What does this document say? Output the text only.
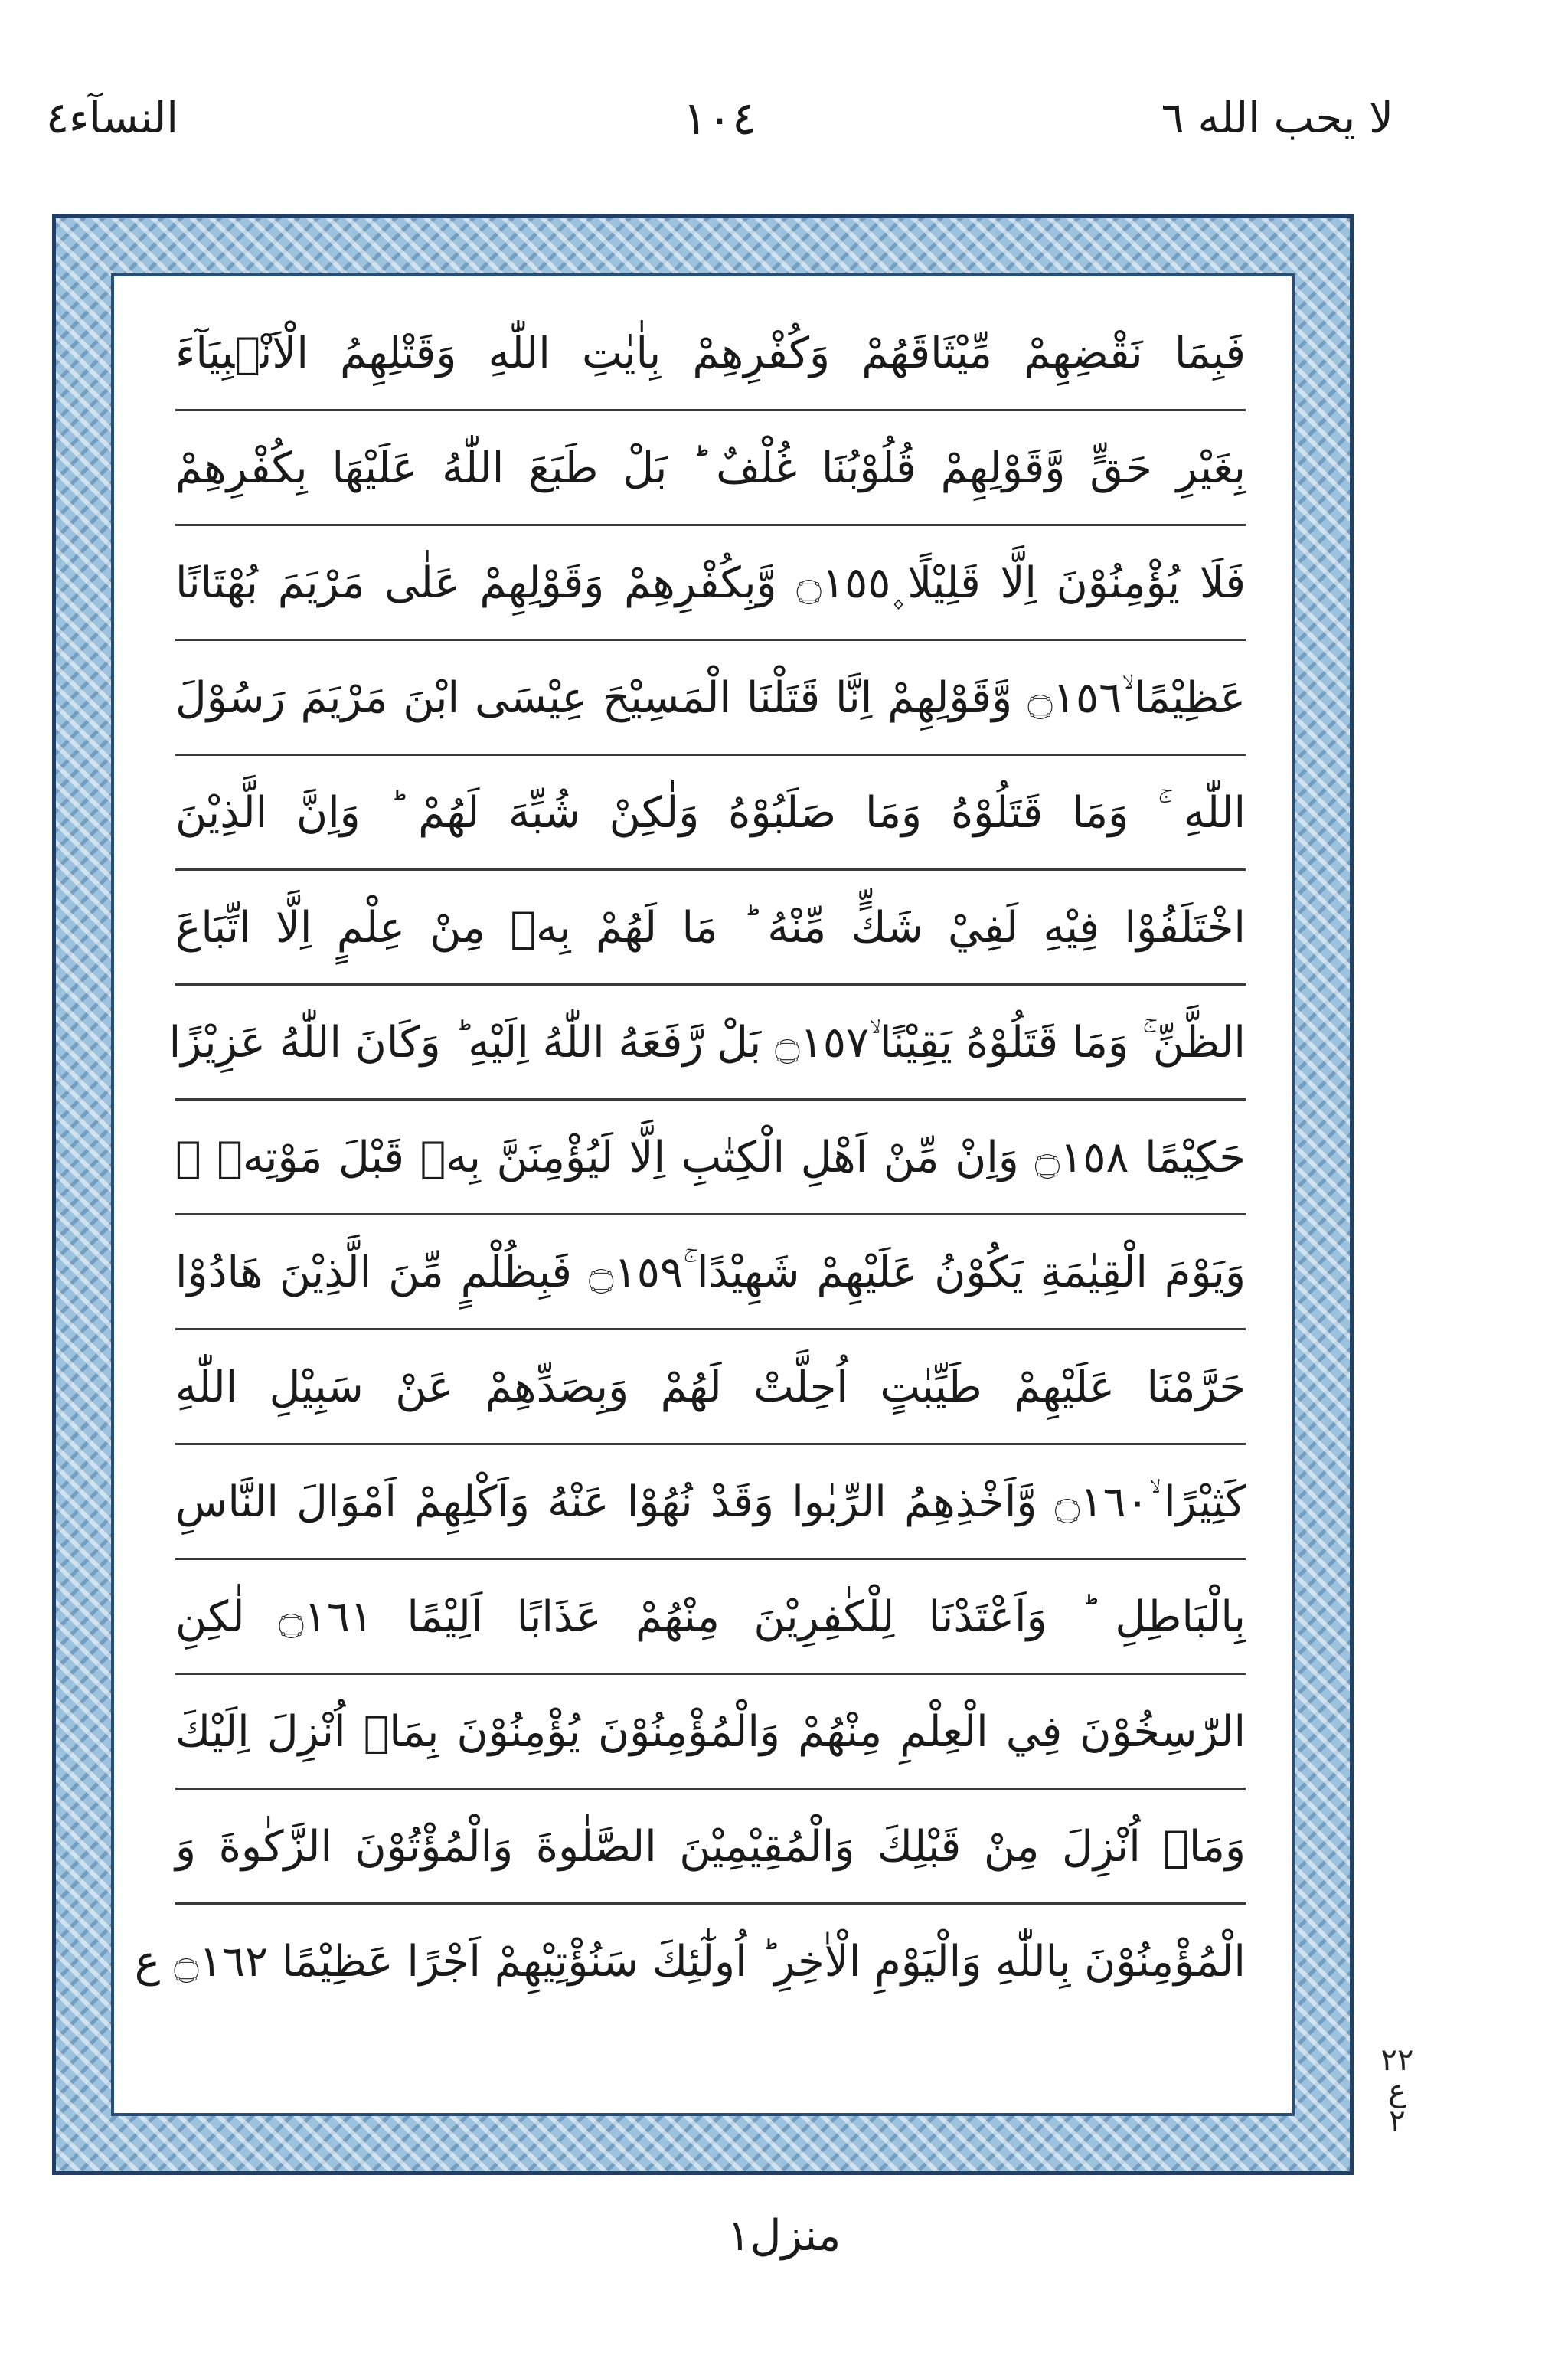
النسآء٤	١٠٤	لا يحب الله ٦
فَبِمَا نَقْضِهِمْ مِّيْثَاقَهُمْ وَكُفْرِهِمْ بِاٰيٰتِ اللّٰهِ وَقَتْلِهِمُ الْاَنْۢبِيَآءَ
بِغَيْرِ حَقٍّ وَّقَوْلِهِمْ قُلُوْبُنَا غُلْفٌ ؕ بَلْ طَبَعَ اللّٰهُ عَلَيْهَا بِكُفْرِهِمْ
فَلَا يُؤْمِنُوْنَ اِلَّا قَلِيْلًا ۪۝١٥٥ وَّبِكُفْرِهِمْ وَقَوْلِهِمْ عَلٰى مَرْيَمَ بُهْتَانًا
عَظِيْمًا ۙ۝١٥٦ وَّقَوْلِهِمْ اِنَّا قَتَلْنَا الْمَسِيْحَ عِيْسَى ابْنَ مَرْيَمَ رَسُوْلَ
اللّٰهِ ۚ وَمَا قَتَلُوْهُ وَمَا صَلَبُوْهُ وَلٰكِنْ شُبِّهَ لَهُمْ ؕ وَاِنَّ الَّذِيْنَ
اخْتَلَفُوْا فِيْهِ لَفِيْ شَكٍّ مِّنْهُ ؕ مَا لَهُمْ بِهٖ مِنْ عِلْمٍ اِلَّا اتِّبَاعَ
الظَّنِّ ۚ وَمَا قَتَلُوْهُ يَقِيْنًا ۙ۝١٥٧ بَلْ رَّفَعَهُ اللّٰهُ اِلَيْهِ ؕ وَكَانَ اللّٰهُ عَزِيْزًا
حَكِيْمًا ۝١٥٨ وَاِنْ مِّنْ اَهْلِ الْكِتٰبِ اِلَّا لَيُؤْمِنَنَّ بِهٖ قَبْلَ مَوْتِهٖ ۚ
وَيَوْمَ الْقِيٰمَةِ يَكُوْنُ عَلَيْهِمْ شَهِيْدًا ۚ۝١٥٩ فَبِظُلْمٍ مِّنَ الَّذِيْنَ هَادُوْا
حَرَّمْنَا عَلَيْهِمْ طَيِّبٰتٍ اُحِلَّتْ لَهُمْ وَبِصَدِّهِمْ عَنْ سَبِيْلِ اللّٰهِ
كَثِيْرًا ۙ۝١٦٠ وَّاَخْذِهِمُ الرِّبٰوا وَقَدْ نُهُوْا عَنْهُ وَاَكْلِهِمْ اَمْوَالَ النَّاسِ
بِالْبَاطِلِ ؕ وَاَعْتَدْنَا لِلْكٰفِرِيْنَ مِنْهُمْ عَذَابًا اَلِيْمًا ۝١٦١ لٰكِنِ
الرّٰسِخُوْنَ فِي الْعِلْمِ مِنْهُمْ وَالْمُؤْمِنُوْنَ يُؤْمِنُوْنَ بِمَاۤ اُنْزِلَ اِلَيْكَ
وَمَاۤ اُنْزِلَ مِنْ قَبْلِكَ وَالْمُقِيْمِيْنَ الصَّلٰوةَ وَالْمُؤْتُوْنَ الزَّكٰوةَ وَ
الْمُؤْمِنُوْنَ بِاللّٰهِ وَالْيَوْمِ الْاٰخِرِ ؕ اُولٰٓئِكَ سَنُؤْتِيْهِمْ اَجْرًا عَظِيْمًا ۝١٦٢ ع
٢٢
ع
٢
منزل١
